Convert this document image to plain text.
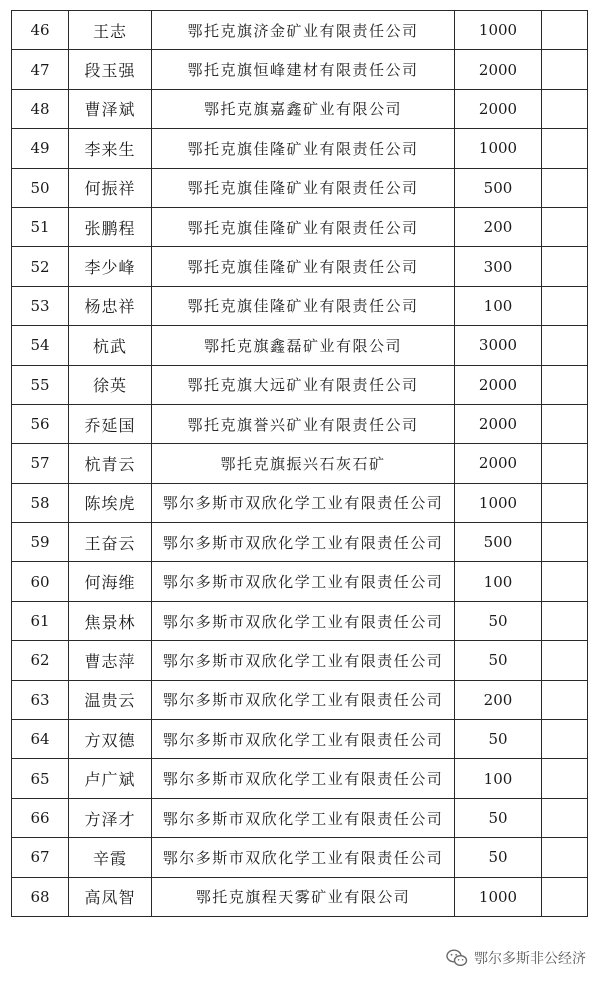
46	王志	鄂托克旗济金矿业有限责任公司	1000	
47	段玉强	鄂托克旗恒峰建材有限责任公司	2000	
48	曹泽斌	鄂托克旗嘉鑫矿业有限公司	2000	
49	李来生	鄂托克旗佳隆矿业有限责任公司	1000	
50	何振祥	鄂托克旗佳隆矿业有限责任公司	500	
51	张鹏程	鄂托克旗佳隆矿业有限责任公司	200	
52	李少峰	鄂托克旗佳隆矿业有限责任公司	300	
53	杨忠祥	鄂托克旗佳隆矿业有限责任公司	100	
54	杭武	鄂托克旗鑫磊矿业有限公司	3000	
55	徐英	鄂托克旗大远矿业有限责任公司	2000	
56	乔延国	鄂托克旗誉兴矿业有限责任公司	2000	
57	杭青云	鄂托克旗振兴石灰石矿	2000	
58	陈埃虎	鄂尔多斯市双欣化学工业有限责任公司	1000	
59	王奋云	鄂尔多斯市双欣化学工业有限责任公司	500	
60	何海维	鄂尔多斯市双欣化学工业有限责任公司	100	
61	焦景林	鄂尔多斯市双欣化学工业有限责任公司	50	
62	曹志萍	鄂尔多斯市双欣化学工业有限责任公司	50	
63	温贵云	鄂尔多斯市双欣化学工业有限责任公司	200	
64	方双德	鄂尔多斯市双欣化学工业有限责任公司	50	
65	卢广斌	鄂尔多斯市双欣化学工业有限责任公司	100	
66	方泽才	鄂尔多斯市双欣化学工业有限责任公司	50	
67	辛霞	鄂尔多斯市双欣化学工业有限责任公司	50	
68	高凤智	鄂托克旗程天雾矿业有限公司	1000	
鄂尔多斯非公经济
